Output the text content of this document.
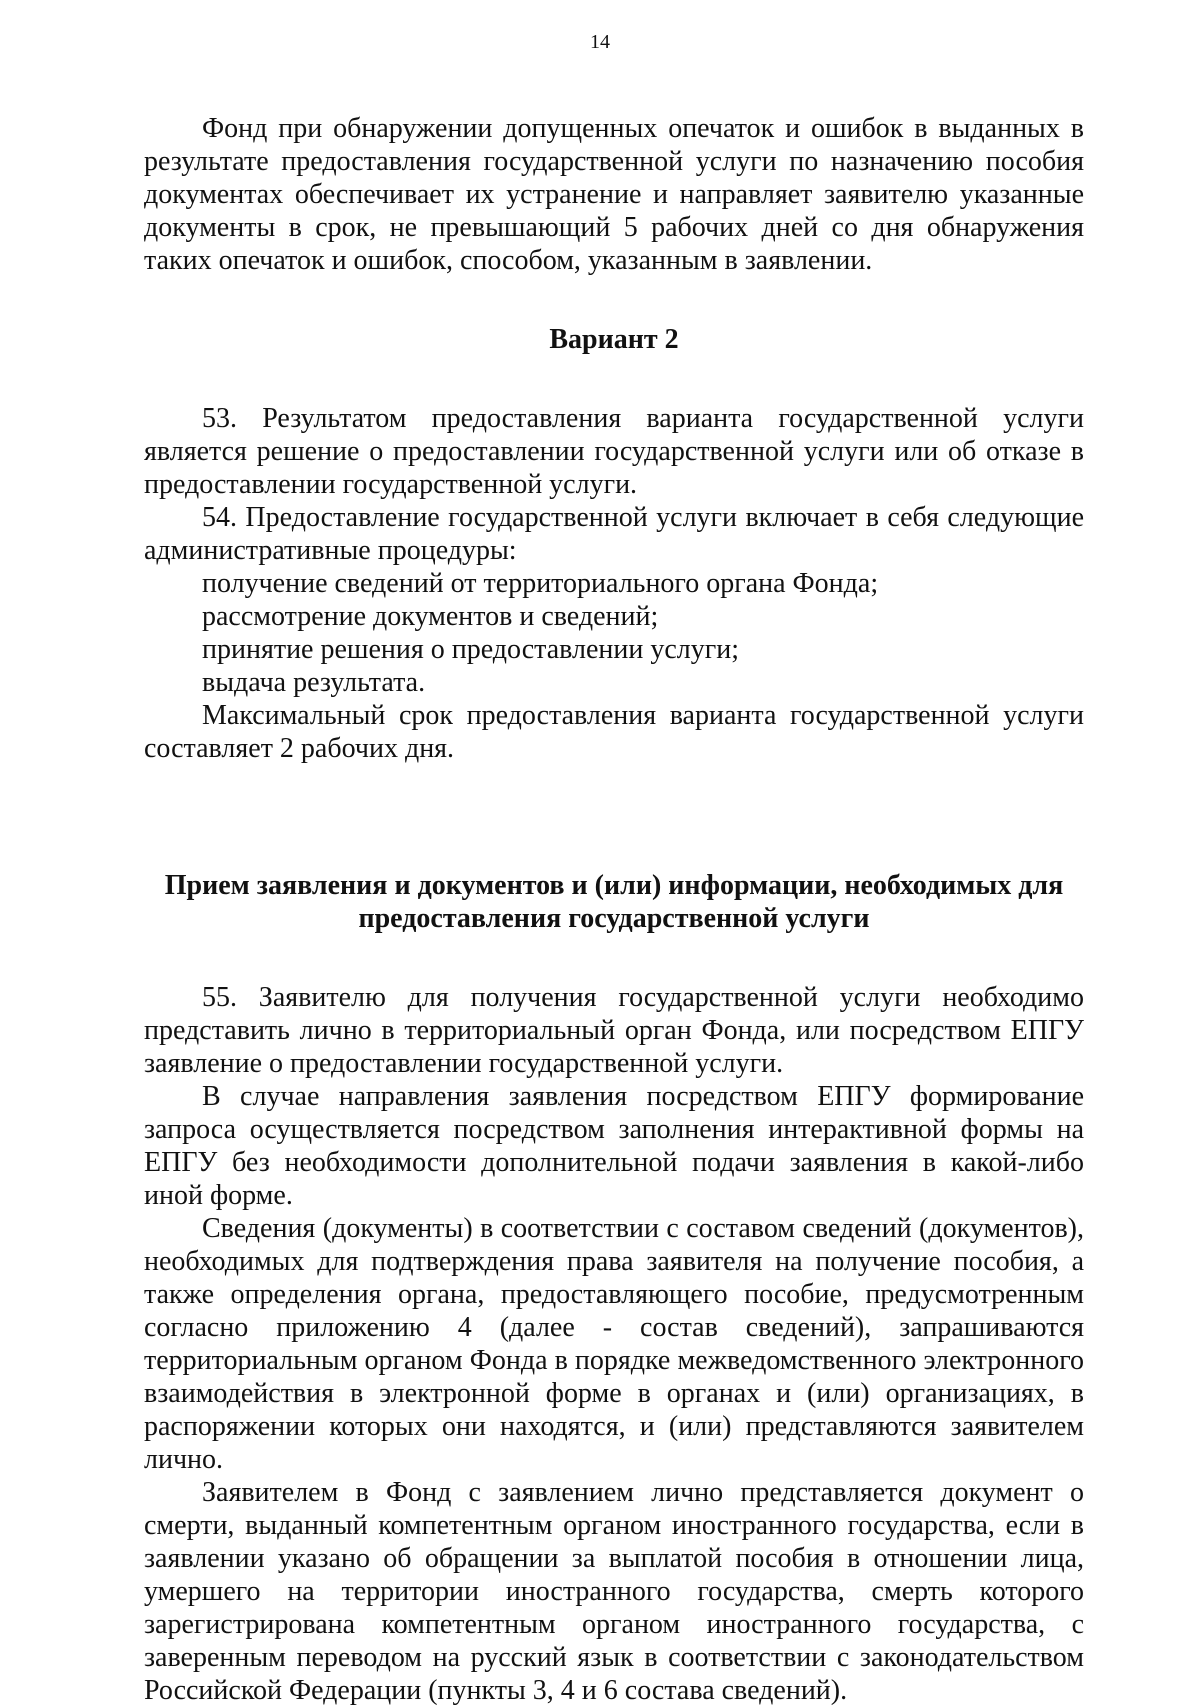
14

Фонд при обнаружении допущенных опечаток и ошибок в выданных в результате предоставления государственной услуги по назначению пособия документах обеспечивает их устранение и направляет заявителю указанные документы в срок, не превышающий 5 рабочих дней со дня обнаружения таких опечаток и ошибок, способом, указанным в заявлении.

Вариант 2

53. Результатом предоставления варианта государственной услуги является решение о предоставлении государственной услуги или об отказе в предоставлении государственной услуги.

54. Предоставление государственной услуги включает в себя следующие административные процедуры:

получение сведений от территориального органа Фонда;

рассмотрение документов и сведений;

принятие решения о предоставлении услуги;

выдача результата.

Максимальный срок предоставления варианта государственной услуги составляет 2 рабочих дня.

Прием заявления и документов и (или) информации, необходимых для предоставления государственной услуги

55. Заявителю для получения государственной услуги необходимо представить лично в территориальный орган Фонда, или посредством ЕПГУ заявление о предоставлении государственной услуги.

В случае направления заявления посредством ЕПГУ формирование запроса осуществляется посредством заполнения интерактивной формы на ЕПГУ без необходимости дополнительной подачи заявления в какой-либо иной форме.

Сведения (документы) в соответствии с составом сведений (документов), необходимых для подтверждения права заявителя на получение пособия, а также определения органа, предоставляющего пособие, предусмотренным согласно приложению 4 (далее - состав сведений), запрашиваются территориальным органом Фонда в порядке межведомственного электронного взаимодействия в электронной форме в органах и (или) организациях, в распоряжении которых они находятся, и (или) представляются заявителем лично.

Заявителем в Фонд с заявлением лично представляется документ о смерти, выданный компетентным органом иностранного государства, если в заявлении указано об обращении за выплатой пособия в отношении лица, умершего на территории иностранного государства, смерть которого зарегистрирована компетентным органом иностранного государства, с заверенным переводом на русский язык в соответствии с законодательством Российской Федерации (пункты 3, 4 и 6 состава сведений).
